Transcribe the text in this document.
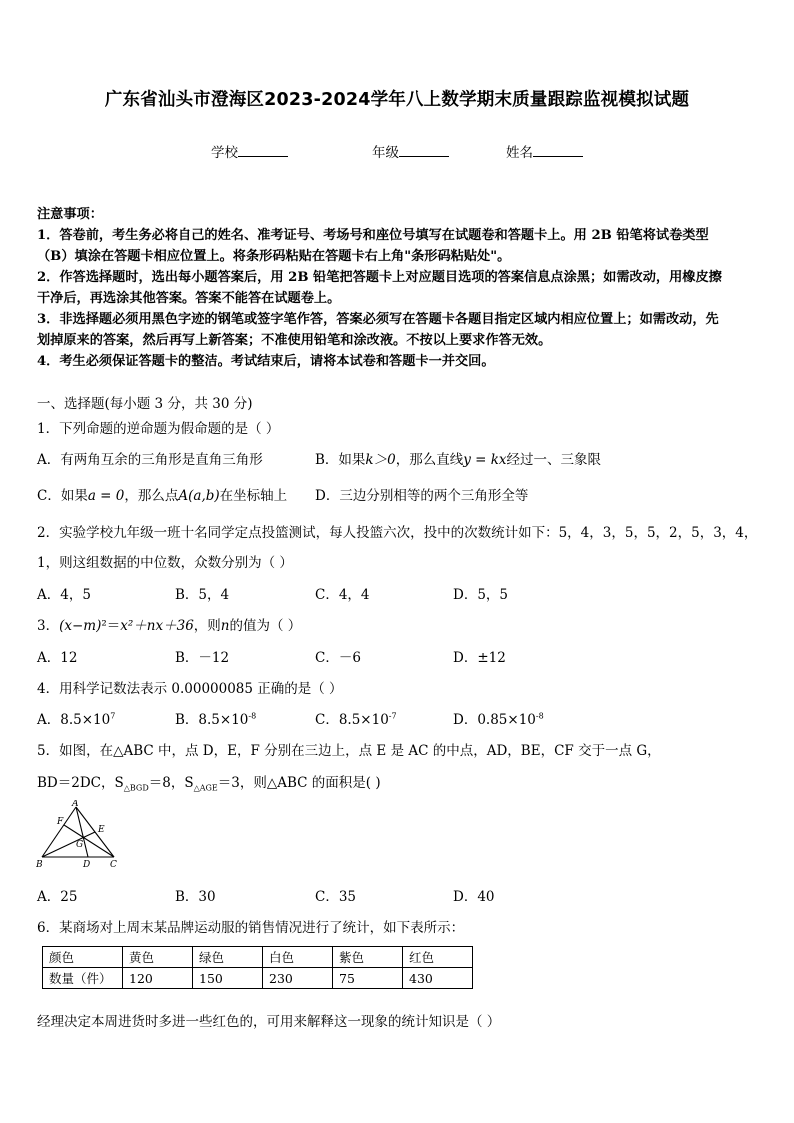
广东省汕头市澄海区2023-2024学年八上数学期末质量跟踪监视模拟试题
学校	年级	姓名
注意事项：
1．答卷前，考生务必将自己的姓名、准考证号、考场号和座位号填写在试题卷和答题卡上。用 2B 铅笔将试卷类型
（B）填涂在答题卡相应位置上。将条形码粘贴在答题卡右上角"条形码粘贴处"。
2．作答选择题时，选出每小题答案后，用 2B 铅笔把答题卡上对应题目选项的答案信息点涂黑；如需改动，用橡皮擦
干净后，再选涂其他答案。答案不能答在试题卷上。
3．非选择题必须用黑色字迹的钢笔或签字笔作答，答案必须写在答题卡各题目指定区域内相应位置上；如需改动，先
划掉原来的答案，然后再写上新答案；不准使用铅笔和涂改液。不按以上要求作答无效。
4．考生必须保证答题卡的整洁。考试结束后，请将本试卷和答题卡一并交回。
一、选择题(每小题 3 分，共 30 分)
1．下列命题的逆命题为假命题的是（ ）
A．有两角互余的三角形是直角三角形	B．如果k＞0，那么直线y = kx经过一、三象限
C．如果a = 0，那么点A(a,b)在坐标轴上 D．三边分别相等的两个三角形全等
2．实验学校九年级一班十名同学定点投篮测试，每人投篮六次，投中的次数统计如下：5，4，3，5，5，2，5，3，4，
1，则这组数据的中位数，众数分别为（ ）
A．4，5	B．5，4	C．4，4	D．5，5
3．(x−m)²＝x²＋nx＋36，则n的值为（ ）
A．12	B．－12	C．－6	D．±12
4．用科学记数法表示 0.00000085 正确的是（ ）
A．$8.5\times 10^7$	B．$8.5\times 10^{-8}$	C．$8.5\times 10^{-7}$	D．$0.85\times 10^{-8}$
5．如图，在△ABC 中，点 D，E，F 分别在三边上，点 E 是 AC 的中点，AD，BE，CF 交于一点 G，
BD＝2DC，$S_{\triangle BGD}=8$，$S_{\triangle AGE}=3$，则△ABC 的面积是( )
A
B	C
D
E
F
G
A．25	B．30	C．35	D．40
6．某商场对上周末某品牌运动服的销售情况进行了统计，如下表所示：
颜色	黄色	绿色	白色	紫色	红色
数量（件）	120	150	230	75	430
经理决定本周进货时多进一些红色的，可用来解释这一现象的统计知识是（ ）
